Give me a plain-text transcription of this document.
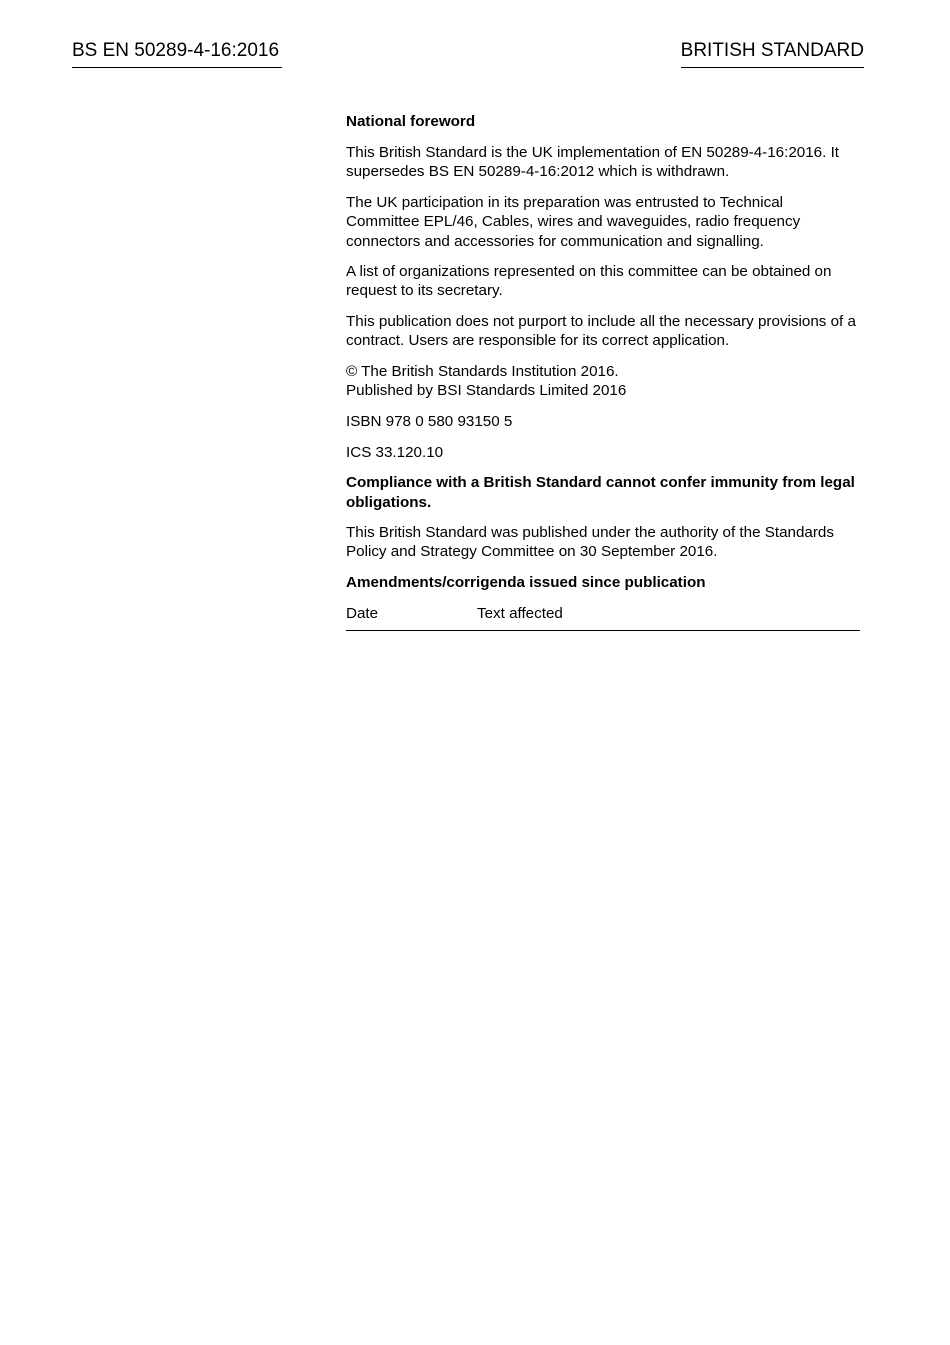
BS EN 50289-4-16:2016	BRITISH STANDARD

National foreword

This British Standard is the UK implementation of EN 50289-4-16:2016. It supersedes BS EN 50289-4-16:2012 which is withdrawn.

The UK participation in its preparation was entrusted to Technical Committee EPL/46, Cables, wires and waveguides, radio frequency connectors and accessories for communication and signalling.

A list of organizations represented on this committee can be obtained on request to its secretary.

This publication does not purport to include all the necessary provisions of a contract. Users are responsible for its correct application.

© The British Standards Institution 2016.
Published by BSI Standards Limited 2016

ISBN 978 0 580 93150 5

ICS 33.120.10

Compliance with a British Standard cannot confer immunity from legal obligations.

This British Standard was published under the authority of the Standards Policy and Strategy Committee on 30 September 2016.

Amendments/corrigenda issued since publication

Date	Text affected
